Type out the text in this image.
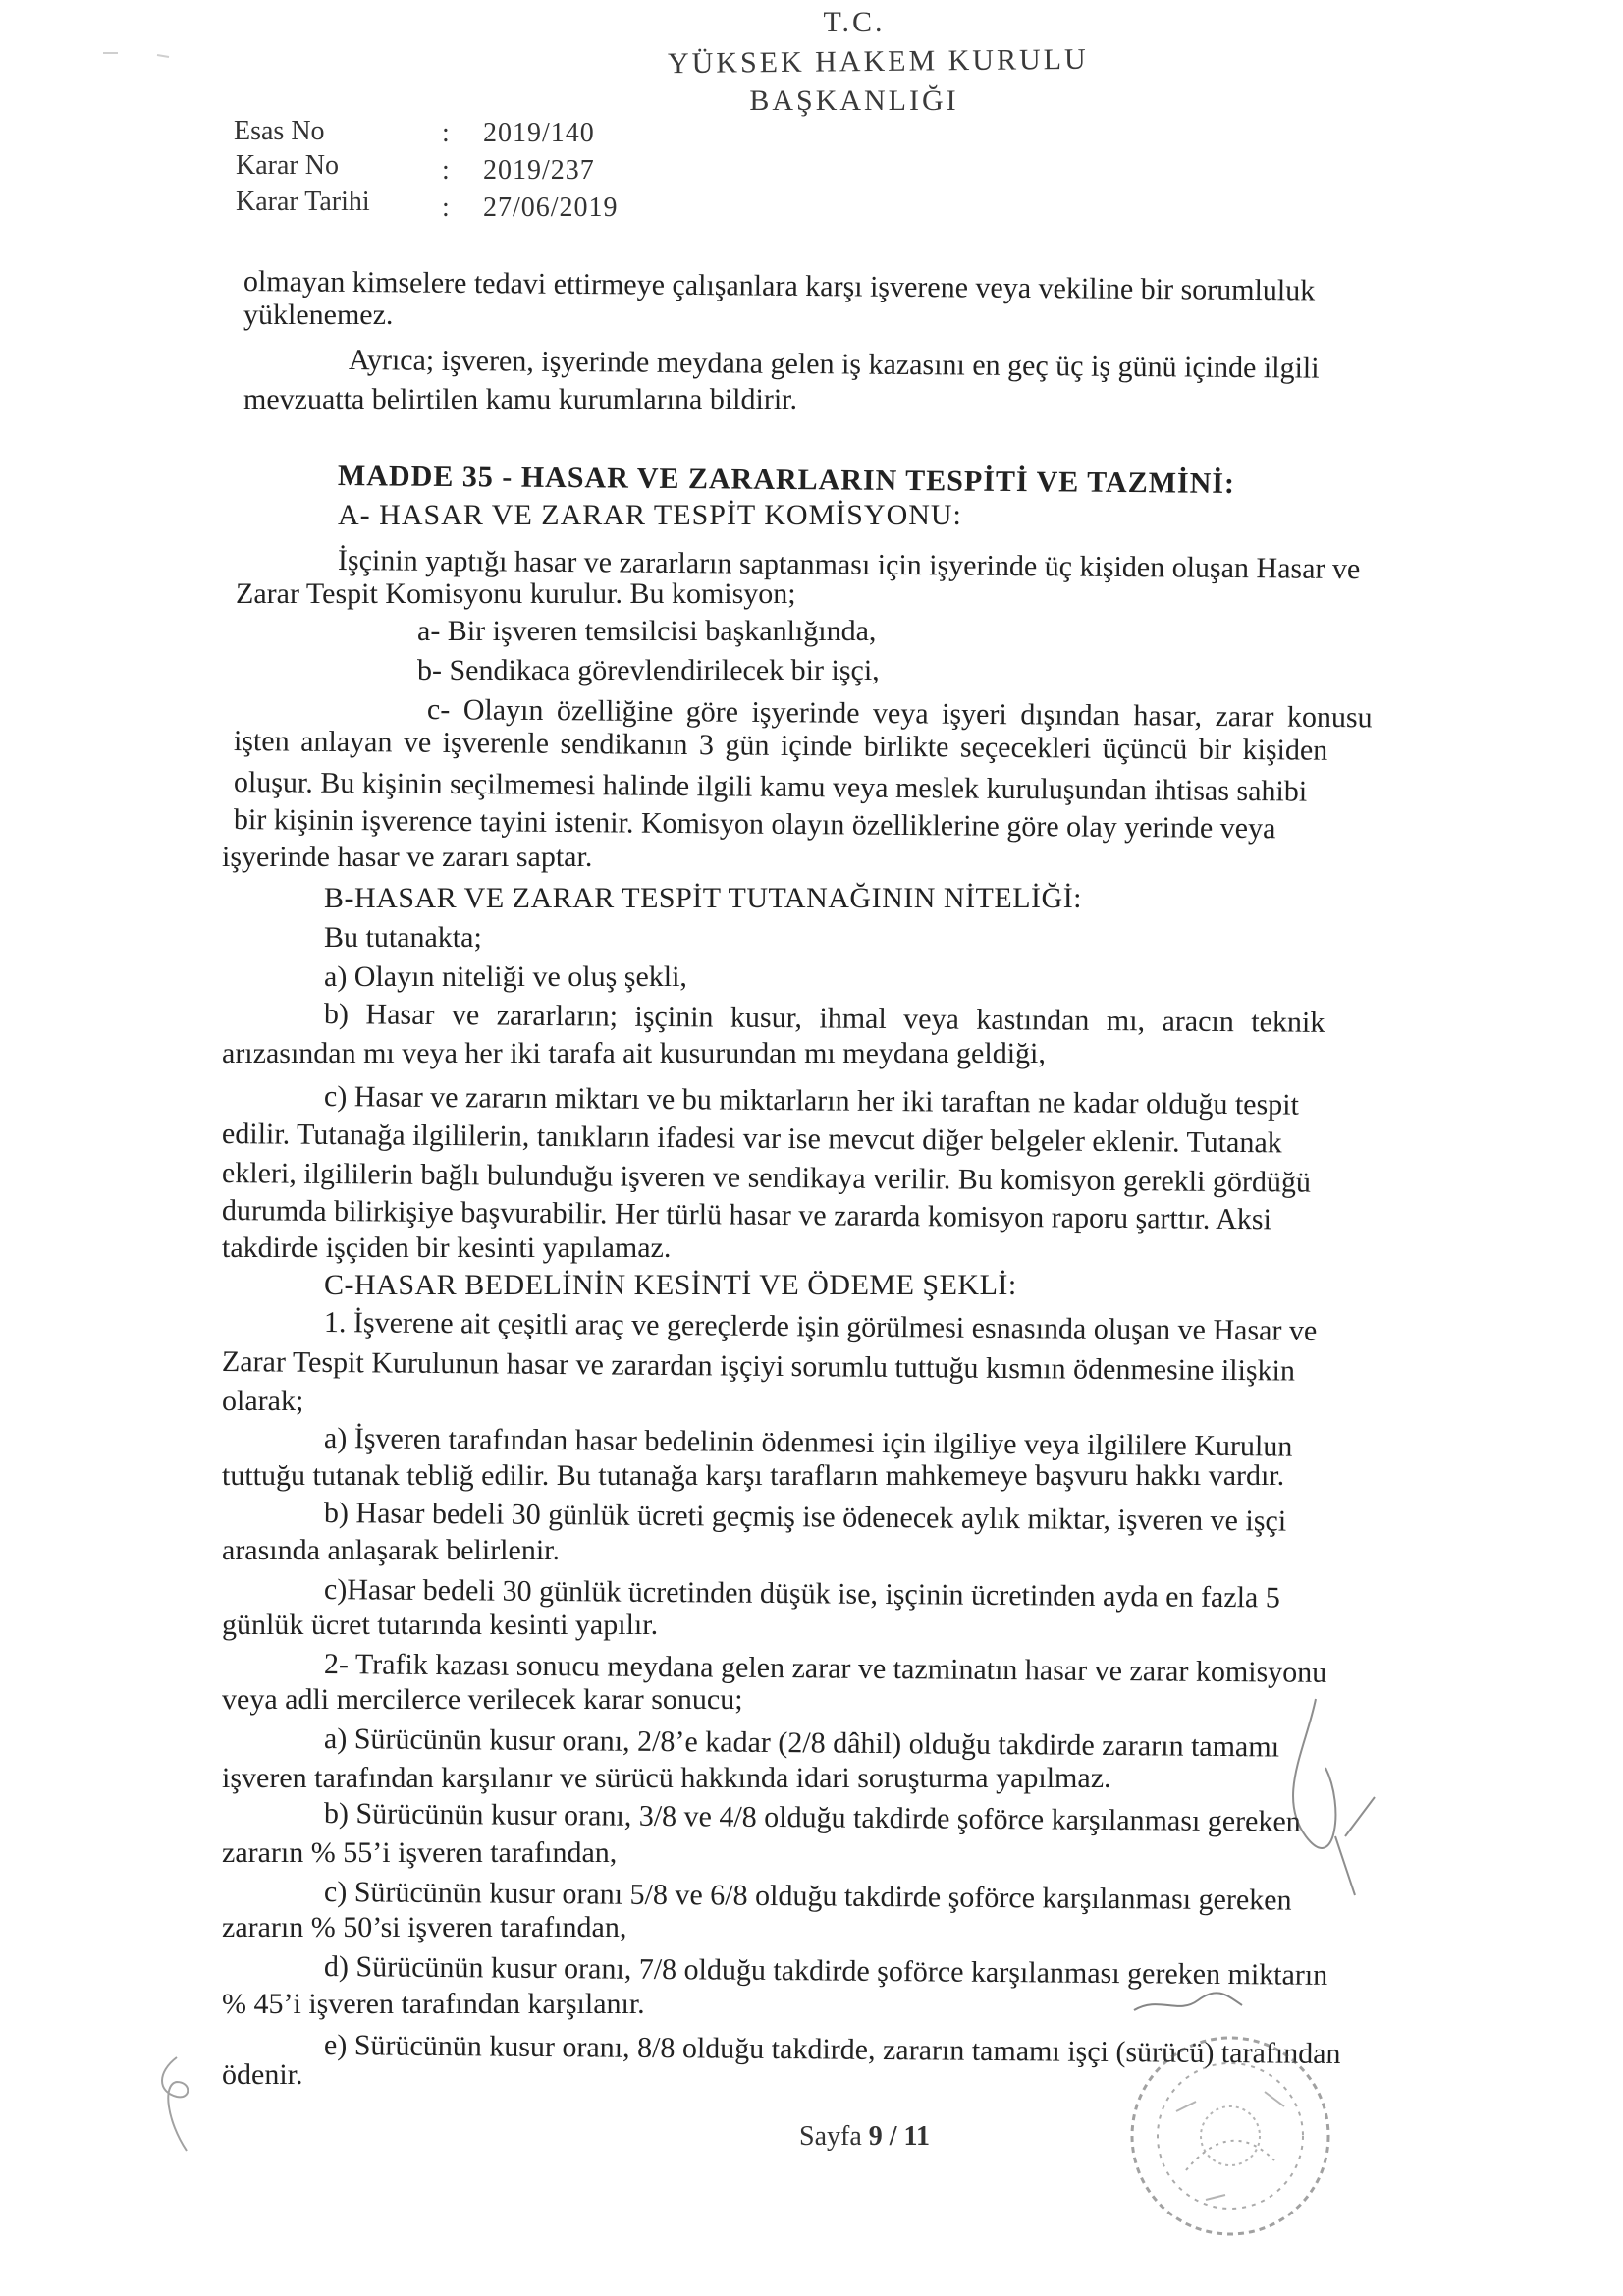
T.C.
YÜKSEK HAKEM KURULU
BAŞKANLIĞI
Esas No	: 2019/140
Karar No	: 2019/237
Karar Tarihi	: 27/06/2019
olmayan kimselere tedavi ettirmeye çalışanlara karşı işverene veya vekiline bir sorumluluk
yüklenemez.
Ayrıca; işveren, işyerinde meydana gelen iş kazasını en geç üç iş günü içinde ilgili
mevzuatta belirtilen kamu kurumlarına bildirir.
MADDE 35 - HASAR VE ZARARLARIN TESPİTİ VE TAZMİNİ:
A- HASAR VE ZARAR TESPİT KOMİSYONU:
İşçinin yaptığı hasar ve zararların saptanması için işyerinde üç kişiden oluşan Hasar ve
Zarar Tespit Komisyonu kurulur. Bu komisyon;
a- Bir işveren temsilcisi başkanlığında,
b- Sendikaca görevlendirilecek bir işçi,
c- Olayın özelliğine göre işyerinde veya işyeri dışından hasar, zarar konusu
işten anlayan ve işverenle sendikanın 3 gün içinde birlikte seçecekleri üçüncü bir kişiden
oluşur. Bu kişinin seçilmemesi halinde ilgili kamu veya meslek kuruluşundan ihtisas sahibi
bir kişinin işverence tayini istenir. Komisyon olayın özelliklerine göre olay yerinde veya
işyerinde hasar ve zararı saptar.
B-HASAR VE ZARAR TESPİT TUTANAĞININ NİTELİĞİ:
Bu tutanakta;
a) Olayın niteliği ve oluş şekli,
b) Hasar ve zararların; işçinin kusur, ihmal veya kastından mı, aracın teknik
arızasından mı veya her iki tarafa ait kusurundan mı meydana geldiği,
c) Hasar ve zararın miktarı ve bu miktarların her iki taraftan ne kadar olduğu tespit
edilir. Tutanağa ilgililerin, tanıkların ifadesi var ise mevcut diğer belgeler eklenir. Tutanak
ekleri, ilgililerin bağlı bulunduğu işveren ve sendikaya verilir. Bu komisyon gerekli gördüğü
durumda bilirkişiye başvurabilir. Her türlü hasar ve zararda komisyon raporu şarttır. Aksi
takdirde işçiden bir kesinti yapılamaz.
C-HASAR BEDELİNİN KESİNTİ VE ÖDEME ŞEKLİ:
1. İşverene ait çeşitli araç ve gereçlerde işin görülmesi esnasında oluşan ve Hasar ve
Zarar Tespit Kurulunun hasar ve zarardan işçiyi sorumlu tuttuğu kısmın ödenmesine ilişkin
olarak;
a) İşveren tarafından hasar bedelinin ödenmesi için ilgiliye veya ilgililere Kurulun
tuttuğu tutanak tebliğ edilir. Bu tutanağa karşı tarafların mahkemeye başvuru hakkı vardır.
b) Hasar bedeli 30 günlük ücreti geçmiş ise ödenecek aylık miktar, işveren ve işçi
arasında anlaşarak belirlenir.
c)Hasar bedeli 30 günlük ücretinden düşük ise, işçinin ücretinden ayda en fazla 5
günlük ücret tutarında kesinti yapılır.
2- Trafik kazası sonucu meydana gelen zarar ve tazminatın hasar ve zarar komisyonu
veya adli mercilerce verilecek karar sonucu;
a) Sürücünün kusur oranı, 2/8’e kadar (2/8 dâhil) olduğu takdirde zararın tamamı
işveren tarafından karşılanır ve sürücü hakkında idari soruşturma yapılmaz.
b) Sürücünün kusur oranı, 3/8 ve 4/8 olduğu takdirde şoförce karşılanması gereken
zararın % 55’i işveren tarafından,
c) Sürücünün kusur oranı 5/8 ve 6/8 olduğu takdirde şoförce karşılanması gereken
zararın % 50’si işveren tarafından,
d) Sürücünün kusur oranı, 7/8 olduğu takdirde şoförce karşılanması gereken miktarın
% 45’i işveren tarafından karşılanır.
e) Sürücünün kusur oranı, 8/8 olduğu takdirde, zararın tamamı işçi (sürücü) tarafından
ödenir.
Sayfa 9 / 11
